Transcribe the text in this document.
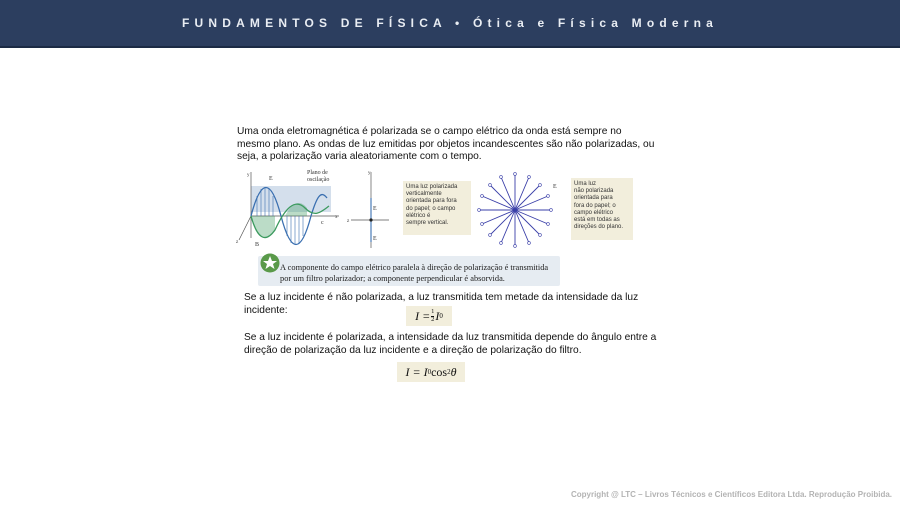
FUNDAMENTOS DE FÍSICA • Ótica e Física Moderna
Uma onda eletromagnética é polarizada se o campo elétrico da onda está sempre no mesmo plano. As ondas de luz emitidas por objetos incandescentes são não polarizadas, ou seja, a polarização varia aleatoriamente com o tempo.
E
B
c
y
x
z
Plano de
oscilação
E
E
y
z
E
Uma luz polarizada
verticalmente
orientada para fora
do papel; o campo
elétrico é
sempre vertical.
Uma luz
não polarizada
orientada para
fora do papel; o
campo elétrico
está em todas as
direções do plano.
A componente do campo elétrico paralela à direção de polarização é transmitida
por um filtro polarizador; a componente perpendicular é absorvida.
Se a luz incidente é não polarizada, a luz transmitida tem metade da intensidade da luz incidente:	$I = \frac{1}{2}$ I 0
Se a luz incidente é polarizada, a intensidade da luz transmitida depende do ângulo entre a direção de polarização da luz incidente e a direção de polarização do filtro.
I = I 0 cos 2 θ
Copyright @ LTC – Livros Técnicos e Científicos Editora Ltda. Reprodução Proibida.
